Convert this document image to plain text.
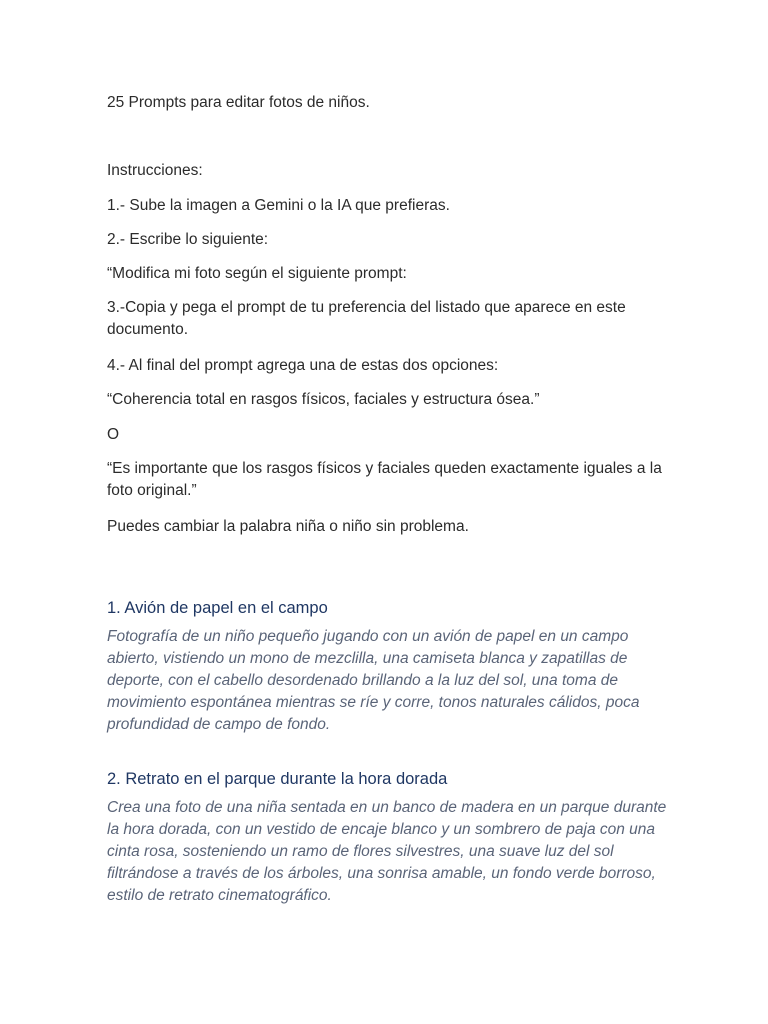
25 Prompts para editar fotos de niños.

Instrucciones:

1.- Sube la imagen a Gemini o la IA que prefieras.

2.- Escribe lo siguiente:

“Modifica mi foto según el siguiente prompt:

3.-Copia y pega el prompt de tu preferencia del listado que aparece en este documento.

4.- Al final del prompt agrega una de estas dos opciones:

“Coherencia total en rasgos físicos, faciales y estructura ósea.”

O

“Es importante que los rasgos físicos y faciales queden exactamente iguales a la foto original.”

Puedes cambiar la palabra niña o niño sin problema.

1. Avión de papel en el campo

Fotografía de un niño pequeño jugando con un avión de papel en un campo abierto, vistiendo un mono de mezclilla, una camiseta blanca y zapatillas de deporte, con el cabello desordenado brillando a la luz del sol, una toma de movimiento espontánea mientras se ríe y corre, tonos naturales cálidos, poca profundidad de campo de fondo.

2. Retrato en el parque durante la hora dorada

Crea una foto de una niña sentada en un banco de madera en un parque durante la hora dorada, con un vestido de encaje blanco y un sombrero de paja con una cinta rosa, sosteniendo un ramo de flores silvestres, una suave luz del sol filtrándose a través de los árboles, una sonrisa amable, un fondo verde borroso, estilo de retrato cinematográfico.
